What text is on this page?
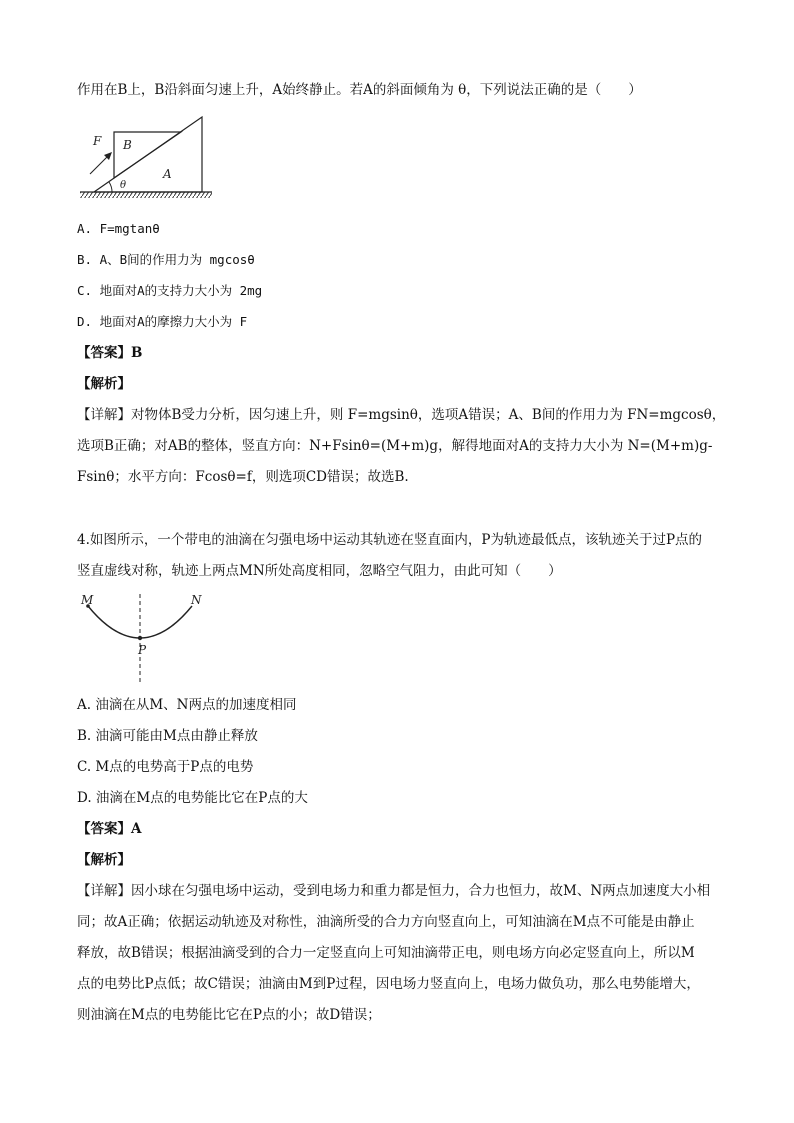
作用在B上，B沿斜面匀速上升，A始终静止。若A的斜面倾角为 θ，下列说法正确的是（　　）
F B
A
θ
A. F=mgtanθ
B. A、B间的作用力为 mgcosθ
C. 地面对A的支持力大小为 2mg
D. 地面对A的摩擦力大小为 F
【答案】B
【解析】
【详解】对物体B受力分析，因匀速上升，则 F=mgsinθ，选项A错误；A、B间的作用力为 FN=mgcosθ，
选项B正确；对AB的整体，竖直方向：N+Fsinθ=(M+m)g，解得地面对A的支持力大小为 N=(M+m)g-
Fsinθ；水平方向：Fcosθ=f，则选项CD错误；故选B.
4.如图所示，一个带电的油滴在匀强电场中运动其轨迹在竖直面内，P为轨迹最低点，该轨迹关于过P点的
竖直虚线对称，轨迹上两点MN所处高度相同，忽略空气阻力，由此可知（　　）
M	N
P
A. 油滴在从M、N两点的加速度相同
B. 油滴可能由M点由静止释放
C. M点的电势高于P点的电势
D. 油滴在M点的电势能比它在P点的大
【答案】A
【解析】
【详解】因小球在匀强电场中运动，受到电场力和重力都是恒力，合力也恒力，故M、N两点加速度大小相
同；故A正确；依据运动轨迹及对称性，油滴所受的合力方向竖直向上，可知油滴在M点不可能是由静止
释放，故B错误；根据油滴受到的合力一定竖直向上可知油滴带正电，则电场方向必定竖直向上，所以M
点的电势比P点低；故C错误；油滴由M到P过程，因电场力竖直向上，电场力做负功，那么电势能增大，
则油滴在M点的电势能比它在P点的小；故D错误；
